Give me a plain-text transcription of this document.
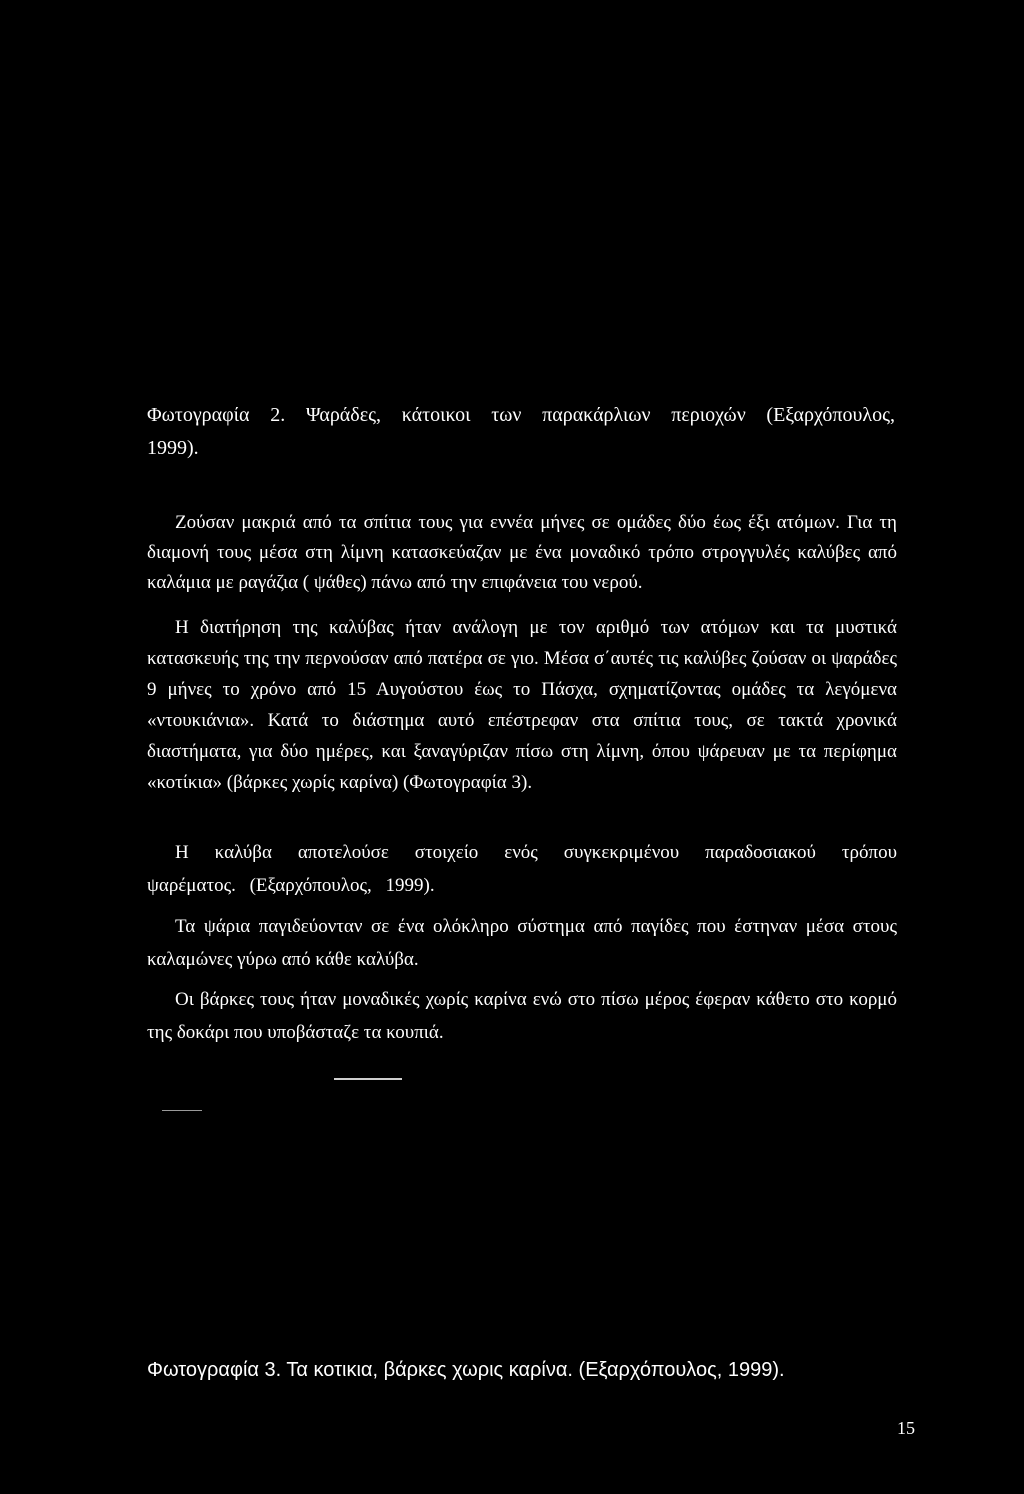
Φωτογραφία 2. Ψαράδες, κάτοικοι των παρακάρλιων περιοχών (Εξαρχόπουλος,
1999).
Ζούσαν μακριά από τα σπίτια τους για εννέα μήνες σε ομάδες δύο έως έξι ατόμων. Για τη διαμονή τους μέσα στη λίμνη κατασκεύαζαν με ένα μοναδικό τρόπο στρογγυλές καλύβες από καλάμια με ραγάζια ( ψάθες) πάνω από την επιφάνεια του νερού.
Η διατήρηση της καλύβας ήταν ανάλογη με τον αριθμό των ατόμων και τα μυστικά κατασκευής της την περνούσαν από πατέρα σε γιο. Μέσα σ΄αυτές τις καλύβες ζούσαν οι ψαράδες 9 μήνες το χρόνο από 15 Αυγούστου έως το Πάσχα, σχηματίζοντας ομάδες τα λεγόμενα «ντουκιάνια». Κατά το διάστημα αυτό επέστρεφαν στα σπίτια τους, σε τακτά χρονικά διαστήματα, για δύο ημέρες, και ξαναγύριζαν πίσω στη λίμνη, όπου ψάρευαν με τα περίφημα «κοτίκια» (βάρκες χωρίς καρίνα) (Φωτογραφία 3).
Η καλύβα αποτελούσε στοιχείο ενός συγκεκριμένου παραδοσιακού τρόπου ψαρέματος. (Εξαρχόπουλος, 1999).
Τα ψάρια παγιδεύονταν σε ένα ολόκληρο σύστημα από παγίδες που έστηναν μέσα στους καλαμώνες γύρω από κάθε καλύβα.
Οι βάρκες τους ήταν μοναδικές χωρίς καρίνα ενώ στο πίσω μέρος έφεραν κάθετο στο κορμό της δοκάρι που υποβάσταζε τα κουπιά.
Φωτογραφία 3. Τα κοτικια, βάρκες χωρις καρίνα. (Εξαρχόπουλος, 1999).
15
